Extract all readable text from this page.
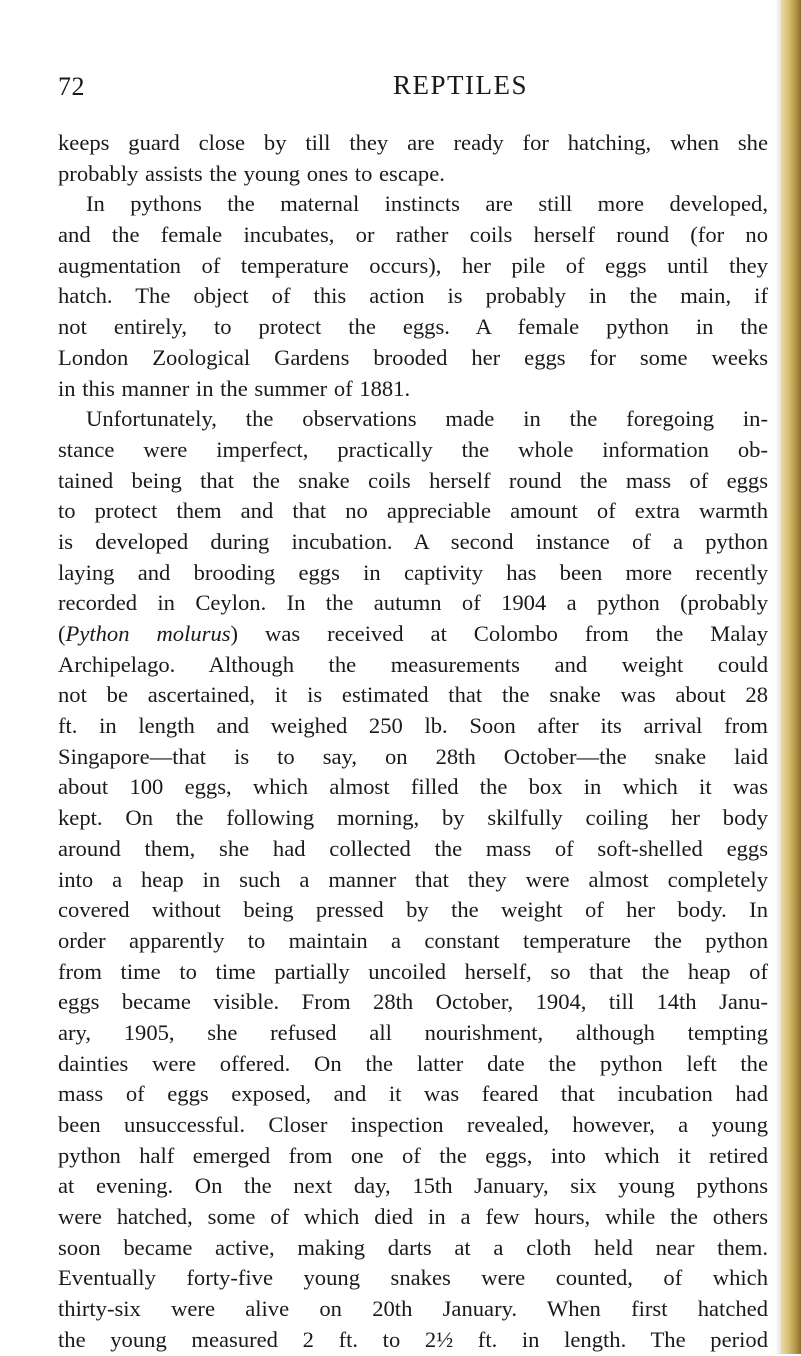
72	REPTILES
keeps guard close by till they are ready for hatching, when she
probably assists the young ones to escape.
In pythons the maternal instincts are still more developed,
and the female incubates, or rather coils herself round (for no
augmentation of temperature occurs), her pile of eggs until they
hatch. The object of this action is probably in the main, if
not entirely, to protect the eggs. A female python in the
London Zoological Gardens brooded her eggs for some weeks
in this manner in the summer of 1881.
Unfortunately, the observations made in the foregoing in-
stance were imperfect, practically the whole information ob-
tained being that the snake coils herself round the mass of eggs
to protect them and that no appreciable amount of extra warmth
is developed during incubation. A second instance of a python
laying and brooding eggs in captivity has been more recently
recorded in Ceylon. In the autumn of 1904 a python (probably
(Python molurus) was received at Colombo from the Malay
Archipelago. Although the measurements and weight could
not be ascertained, it is estimated that the snake was about 28
ft. in length and weighed 250 lb. Soon after its arrival from
Singapore—that is to say, on 28th October—the snake laid
about 100 eggs, which almost filled the box in which it was
kept. On the following morning, by skilfully coiling her body
around them, she had collected the mass of soft-shelled eggs
into a heap in such a manner that they were almost completely
covered without being pressed by the weight of her body. In
order apparently to maintain a constant temperature the python
from time to time partially uncoiled herself, so that the heap of
eggs became visible. From 28th October, 1904, till 14th Janu-
ary, 1905, she refused all nourishment, although tempting
dainties were offered. On the latter date the python left the
mass of eggs exposed, and it was feared that incubation had
been unsuccessful. Closer inspection revealed, however, a young
python half emerged from one of the eggs, into which it retired
at evening. On the next day, 15th January, six young pythons
were hatched, some of which died in a few hours, while the others
soon became active, making darts at a cloth held near them.
Eventually forty-five young snakes were counted, of which
thirty-six were alive on 20th January. When first hatched
the young measured 2 ft. to 2½ ft. in length. The period
